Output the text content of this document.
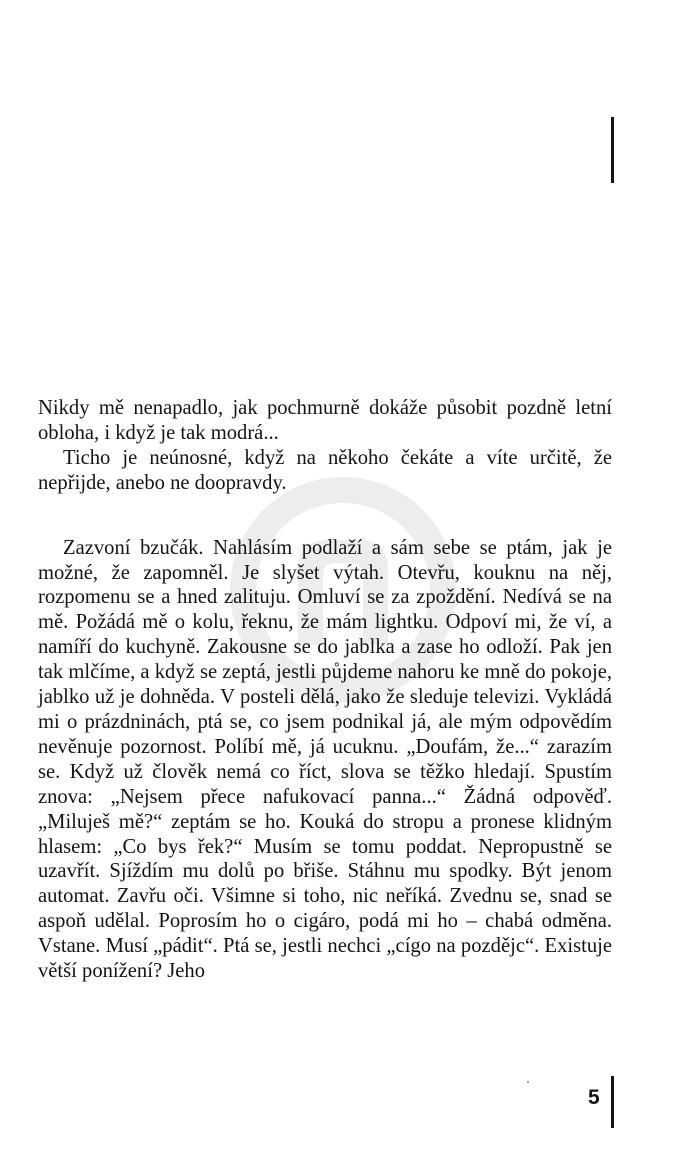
Nikdy mě nenapadlo, jak pochmurně dokáže působit pozdně letní obloha, i když je tak modrá...

Ticho je neúnosné, když na někoho čekáte a víte určitě, že nepřijde, anebo ne doopravdy.

Zazvoní bzučák. Nahlásím podlaží a sám sebe se ptám, jak je možné, že zapomněl. Je slyšet výtah. Otevřu, kouknu na něj, rozpomenu se a hned zalituju. Omluví se za zpoždění. Nedívá se na mě. Požádá mě o kolu, řeknu, že mám lightku. Odpoví mi, že ví, a namíří do kuchyně. Zakousne se do jablka a zase ho odloží. Pak jen tak mlčíme, a když se zeptá, jestli půjdeme nahoru ke mně do pokoje, jablko už je dohněda. V posteli dělá, jako že sleduje televizi. Vykládá mi o prázdninách, ptá se, co jsem podnikal já, ale mým odpovědím nevěnuje pozornost. Políbí mě, já ucuknu. „Doufám, že...“ zarazím se. Když už člověk nemá co říct, slova se těžko hledají. Spustím znova: „Nejsem přece nafukovací panna...“ Žádná odpověď. „Miluješ mě?“ zeptám se ho. Kouká do stropu a pronese klidným hlasem: „Co bys řek?“ Musím se tomu poddat. Nepropustně se uzavřít. Sjíždím mu dolů po břiše. Stáhnu mu spodky. Být jenom automat. Zavřu oči. Všimne si toho, nic neříká. Zvednu se, snad se aspoň udělal. Poprosím ho o cigáro, podá mi ho – chabá odměna. Vstane. Musí „pádit“. Ptá se, jestli nechci „cígo na pozdějc“. Existuje větší ponížení? Jeho

5
